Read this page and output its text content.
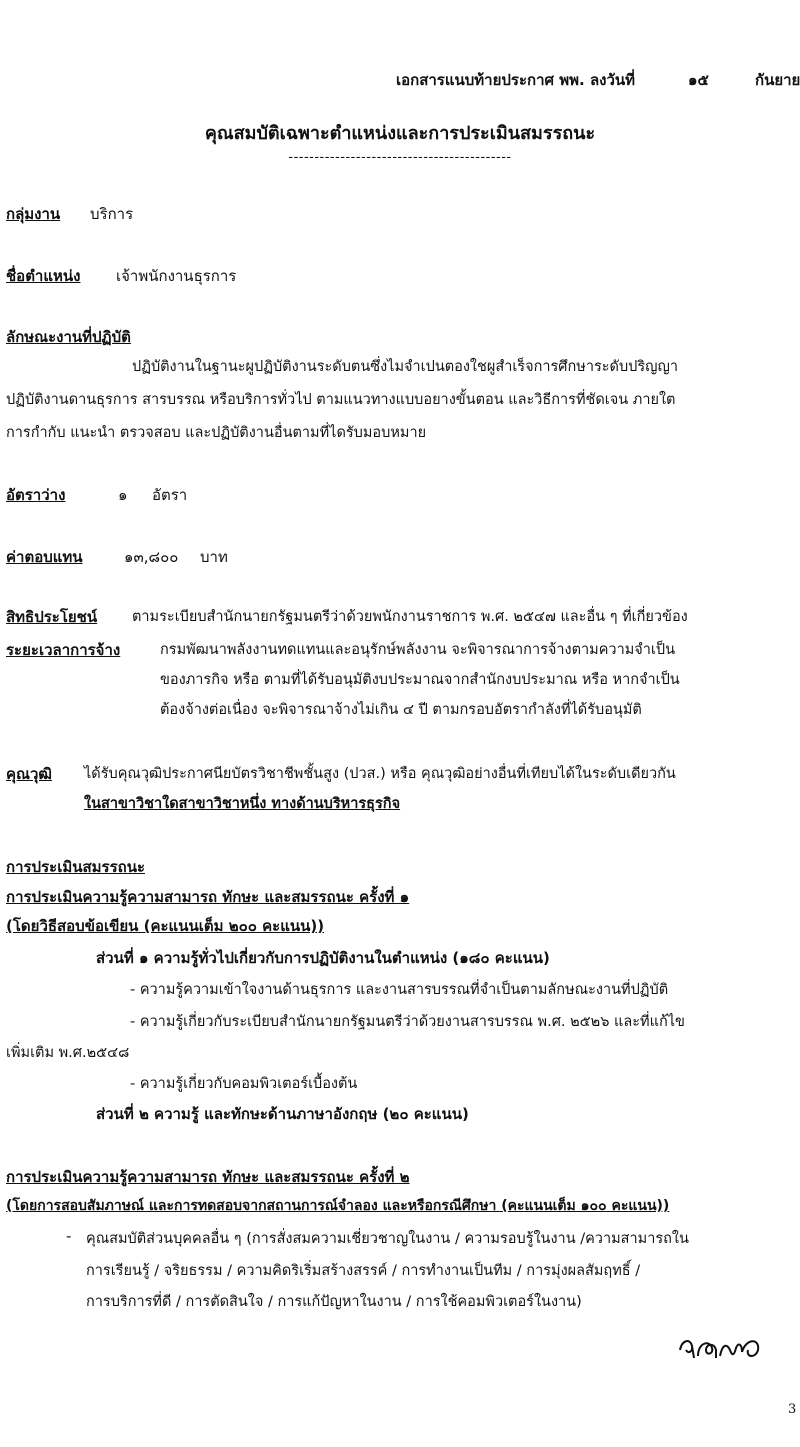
เอกสารแนบท้ายประกาศ พพ. ลงวันที่	๑๕	กันยาย
คุณสมบัติเฉพาะตำแหน่งและการประเมินสมรรถนะ
-------------------------------------------
กลุ่มงาน บริการ
ชื่อตำแหน่ง เจ้าพนักงานธุรการ
ลักษณะงานที่ปฏิบัติ
ปฏิบัติงานในฐานะผูปฏิบัติงานระดับตนซึ่งไมจำเปนตองใชผูสำเร็จการศึกษาระดับปริญญา
ปฏิบัติงานดานธุรการ สารบรรณ หรือบริการทั่วไป ตามแนวทางแบบอยางขั้นตอน และวิธีการที่ชัดเจน ภายใต
การกำกับ แนะนำ ตรวจสอบ และปฏิบัติงานอื่นตามที่ไดรับมอบหมาย
อัตราว่าง	๑ อัตรา
ค่าตอบแทน	๑๓,๘๐๐ บาท
สิทธิประโยชน์ ตามระเบียบสำนักนายกรัฐมนตรีว่าด้วยพนักงานราชการ พ.ศ. ๒๕๔๗ และอื่น ๆ ที่เกี่ยวข้อง
ระยะเวลาการจ้าง	กรมพัฒนาพลังงานทดแทนและอนุรักษ์พลังงาน จะพิจารณาการจ้างตามความจำเป็น
ของภารกิจ หรือ ตามที่ได้รับอนุมัติงบประมาณจากสำนักงบประมาณ หรือ หากจำเป็น
ต้องจ้างต่อเนื่อง จะพิจารณาจ้างไม่เกิน ๔ ปี ตามกรอบอัตรากำลังที่ได้รับอนุมัติ
คุณวุฒิ ได้รับคุณวุฒิประกาศนียบัตรวิชาชีพชั้นสูง (ปวส.) หรือ คุณวุฒิอย่างอื่นที่เทียบได้ในระดับเดียวกัน
ในสาขาวิชาใดสาขาวิชาหนึ่ง ทางด้านบริหารธุรกิจ
การประเมินสมรรถนะ
การประเมินความรู้ความสามารถ ทักษะ และสมรรถนะ ครั้งที่ ๑
(โดยวิธีสอบข้อเขียน (คะแนนเต็ม ๒๐๐ คะแนน))
ส่วนที่ ๑ ความรู้ทั่วไปเกี่ยวกับการปฏิบัติงานในตำแหน่ง (๑๘๐ คะแนน)
- ความรู้ความเข้าใจงานด้านธุรการ และงานสารบรรณที่จำเป็นตามลักษณะงานที่ปฏิบัติ
- ความรู้เกี่ยวกับระเบียบสำนักนายกรัฐมนตรีว่าด้วยงานสารบรรณ พ.ศ. ๒๕๒๖ และที่แก้ไข
เพิ่มเติม พ.ศ.๒๕๔๘
- ความรู้เกี่ยวกับคอมพิวเตอร์เบื้องต้น
ส่วนที่ ๒ ความรู้ และทักษะด้านภาษาอังกฤษ (๒๐ คะแนน)
การประเมินความรู้ความสามารถ ทักษะ และสมรรถนะ ครั้งที่ ๒
(โดยการสอบสัมภาษณ์ และการทดสอบจากสถานการณ์จำลอง และหรือกรณีศึกษา (คะแนนเต็ม ๑๐๐ คะแนน))
- คุณสมบัติส่วนบุคคลอื่น ๆ (การสั่งสมความเชี่ยวชาญในงาน / ความรอบรู้ในงาน /ความสามารถใน
การเรียนรู้ / จริยธรรม / ความคิดริเริ่มสร้างสรรค์ / การทำงานเป็นทีม / การมุ่งผลสัมฤทธิ์ /
การบริการที่ดี / การตัดสินใจ / การแก้ปัญหาในงาน / การใช้คอมพิวเตอร์ในงาน)
3
